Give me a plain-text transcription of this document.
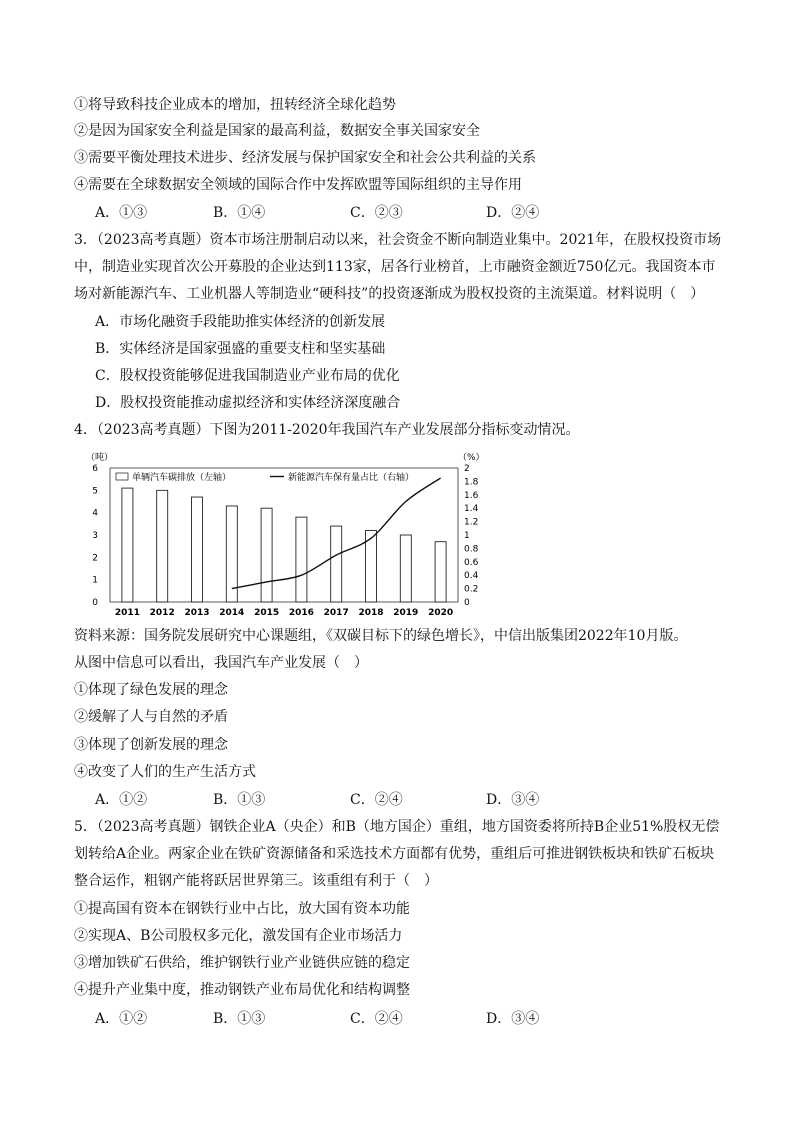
①将导致科技企业成本的增加，扭转经济全球化趋势
②是因为国家安全利益是国家的最高利益，数据安全事关国家安全
③需要平衡处理技术进步、经济发展与保护国家安全和社会公共利益的关系
④需要在全球数据安全领域的国际合作中发挥欧盟等国际组织的主导作用
A．①③	B．①④	C．②③	D．②④
3．（2023高考真题）资本市场注册制启动以来，社会资金不断向制造业集中。2021年，在股权投资市场
中，制造业实现首次公开募股的企业达到113家，居各行业榜首，上市融资金额近750亿元。我国资本市
场对新能源汽车、工业机器人等制造业“硬科技”的投资逐渐成为股权投资的主流渠道。材料说明（　）
A．市场化融资手段能助推实体经济的创新发展
B．实体经济是国家强盛的重要支柱和坚实基础
C．股权投资能够促进我国制造业产业布局的优化
D．股权投资能推动虚拟经济和实体经济深度融合
4．（2023高考真题）下图为2011-2020年我国汽车产业发展部分指标变动情况。
（吨）	（%）
单辆汽车碳排放（左轴）	新能源汽车保有量占比（右轴）
0
1
2
3
4
5
6
0
0.2
0.4
0.6
0.8
1
1.2
1.4
1.6
1.8
2
2011 2012 2013 2014 2015 2016 2017 2018 2019 2020
资料来源：国务院发展研究中心课题组，《双碳目标下的绿色增长》，中信出版集团2022年10月版。
从图中信息可以看出，我国汽车产业发展（　）
①体现了绿色发展的理念
②缓解了人与自然的矛盾
③体现了创新发展的理念
④改变了人们的生产生活方式
A．①②	B．①③	C．②④	D．③④
5．（2023高考真题）钢铁企业A（央企）和B（地方国企）重组，地方国资委将所持B企业51%股权无偿
划转给A企业。两家企业在铁矿资源储备和采选技术方面都有优势，重组后可推进钢铁板块和铁矿石板块
整合运作，粗钢产能将跃居世界第三。该重组有利于（　）
①提高国有资本在钢铁行业中占比，放大国有资本功能
②实现A、B公司股权多元化，激发国有企业市场活力
③增加铁矿石供给，维护钢铁行业产业链供应链的稳定
④提升产业集中度，推动钢铁产业布局优化和结构调整
A．①②	B．①③	C．②④	D．③④
